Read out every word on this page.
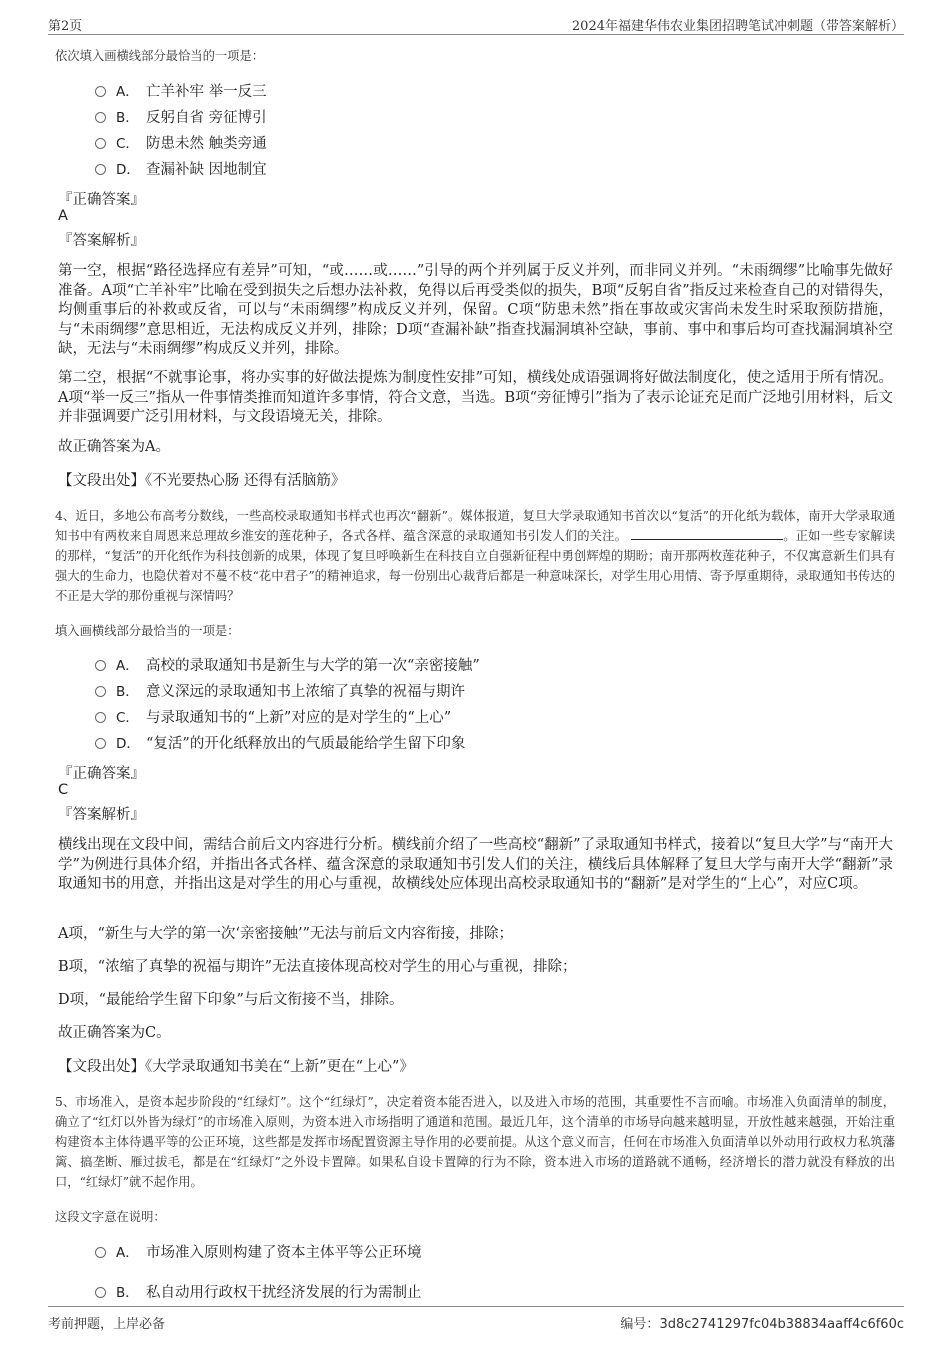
第2页	2024年福建华伟农业集团招聘笔试冲刺题（带答案解析）
依次填入画横线部分最恰当的一项是：
A． 亡羊补牢 举一反三
B． 反躬自省 旁征博引
C． 防患未然 触类旁通
D． 查漏补缺 因地制宜
『正确答案』
A
『答案解析』
第一空，根据“路径选择应有差异”可知，“或……或……”引导的两个并列属于反义并列，而非同义并列。“未雨绸缪”比喻事先做好准备。A项“亡羊补牢”比喻在受到损失之后想办法补救，免得以后再受类似的损失，B项“反躬自省”指反过来检查自己的对错得失，均侧重事后的补救或反省，可以与“未雨绸缪”构成反义并列，保留。C项“防患未然”指在事故或灾害尚未发生时采取预防措施，与“未雨绸缪”意思相近，无法构成反义并列，排除；D项“查漏补缺”指查找漏洞填补空缺，事前、事中和事后均可查找漏洞填补空缺，无法与“未雨绸缪”构成反义并列，排除。
第二空，根据“不就事论事，将办实事的好做法提炼为制度性安排”可知，横线处成语强调将好做法制度化，使之适用于所有情况。A项“举一反三”指从一件事情类推而知道许多事情，符合文意，当选。B项“旁征博引”指为了表示论证充足而广泛地引用材料，后文并非强调要广泛引用材料，与文段语境无关，排除。
故正确答案为A。
【文段出处】《不光要热心肠 还得有活脑筋》
4、近日，多地公布高考分数线，一些高校录取通知书样式也再次“翻新”。媒体报道，复旦大学录取通知书首次以“复活”的开化纸为载体，南开大学录取通知书中有两枚来自周恩来总理故乡淮安的莲花种子，各式各样、蕴含深意的录取通知书引发人们的关注。	。正如一些专家解读的那样，“复活”的开化纸作为科技创新的成果，体现了复旦呼唤新生在科技自立自强新征程中勇创辉煌的期盼；南开那两枚莲花种子，不仅寓意新生们具有强大的生命力，也隐伏着对不蔓不枝“花中君子”的精神追求，每一份别出心裁背后都是一种意味深长，对学生用心用情、寄予厚重期待，录取通知书传达的不正是大学的那份重视与深情吗？
填入画横线部分最恰当的一项是：
A． 高校的录取通知书是新生与大学的第一次“亲密接触”
B． 意义深远的录取通知书上浓缩了真挚的祝福与期许
C． 与录取通知书的“上新”对应的是对学生的“上心”
D． “复活”的开化纸释放出的气质最能给学生留下印象
『正确答案』
C
『答案解析』
横线出现在文段中间，需结合前后文内容进行分析。横线前介绍了一些高校“翻新”了录取通知书样式，接着以“复旦大学”与“南开大学”为例进行具体介绍，并指出各式各样、蕴含深意的录取通知书引发人们的关注，横线后具体解释了复旦大学与南开大学“翻新”录取通知书的用意，并指出这是对学生的用心与重视，故横线处应体现出高校录取通知书的“翻新”是对学生的“上心”，对应C项。
A项，“新生与大学的第一次‘亲密接触’”无法与前后文内容衔接，排除；
B项，“浓缩了真挚的祝福与期许”无法直接体现高校对学生的用心与重视，排除；
D项，“最能给学生留下印象”与后文衔接不当，排除。
故正确答案为C。
【文段出处】《大学录取通知书美在“上新”更在“上心”》
5、市场准入，是资本起步阶段的“红绿灯”。这个“红绿灯”，决定着资本能否进入，以及进入市场的范围，其重要性不言而喻。市场准入负面清单的制度，确立了“红灯以外皆为绿灯”的市场准入原则，为资本进入市场指明了通道和范围。最近几年，这个清单的市场导向越来越明显，开放性越来越强，开始注重构建资本主体待遇平等的公正环境，这些都是发挥市场配置资源主导作用的必要前提。从这个意义而言，任何在市场准入负面清单以外动用行政权力私筑藩篱、搞垄断、雁过拔毛，都是在“红绿灯”之外设卡置障。如果私自设卡置障的行为不除，资本进入市场的道路就不通畅，经济增长的潜力就没有释放的出口，“红绿灯”就不起作用。
这段文字意在说明：
A． 市场准入原则构建了资本主体平等公正环境
B． 私自动用行政权干扰经济发展的行为需制止
考前押题，上岸必备	编号：3d8c2741297fc04b38834aaff4c6f60c
